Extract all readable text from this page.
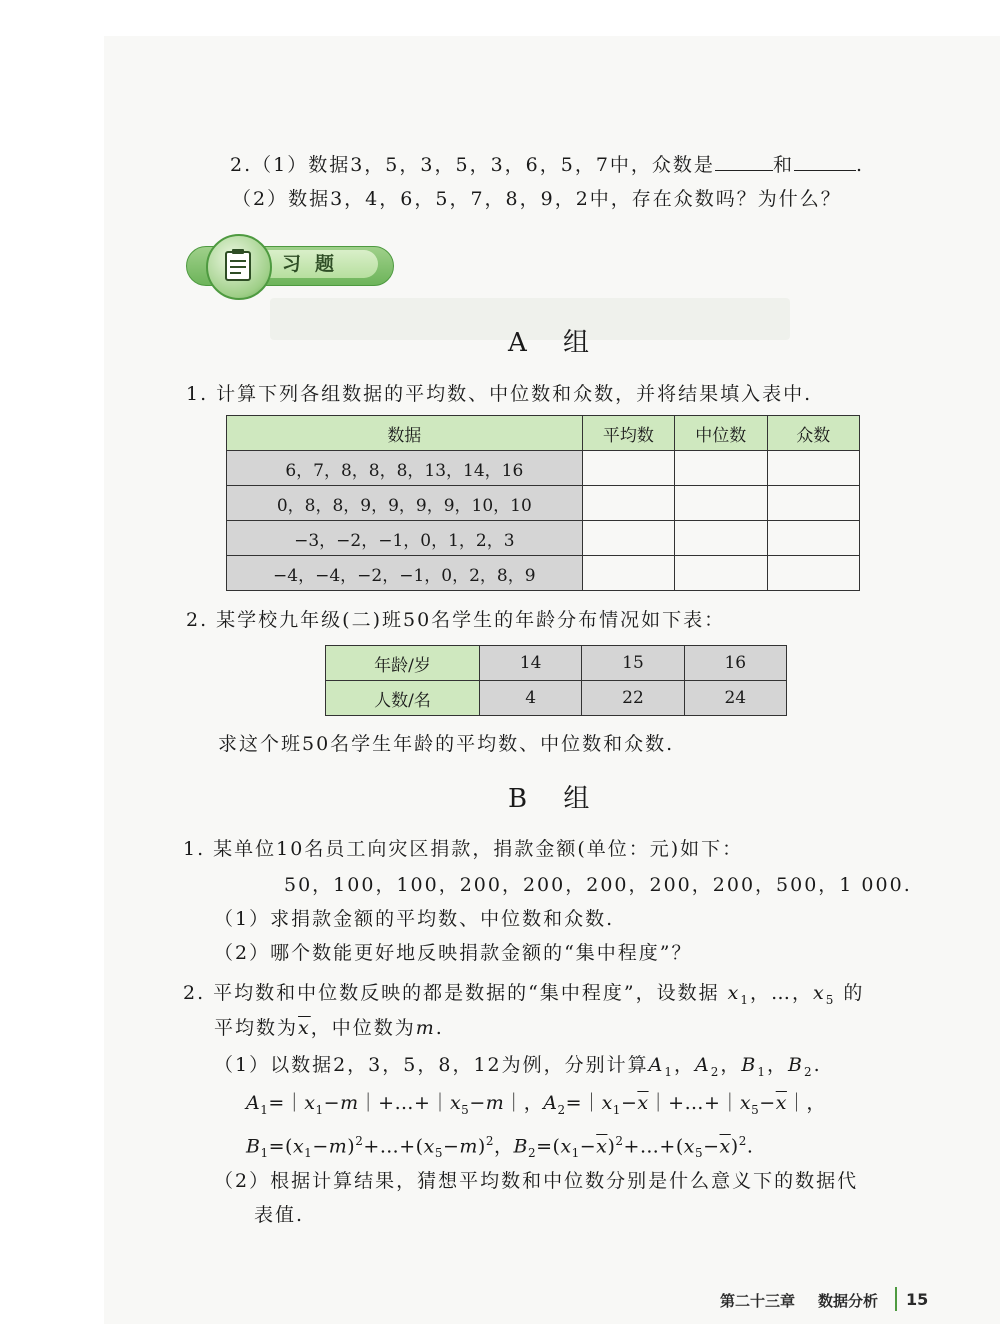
2.（1）数据3，5，3，5，3，6，5，7中，众数是	和	.
（2）数据3，4，6，5，7，8，9，2中，存在众数吗？为什么？
习题
A 组
1. 计算下列各组数据的平均数、中位数和众数，并将结果填入表中.
数据	平均数	中位数	众数
6，7，8，8，8，13，14，16			
0，8，8，9，9，9，9，10，10			
−3，−2，−1，0，1，2，3			
−4，−4，−2，−1，0，2，8，9			
2. 某学校九年级(二)班50名学生的年龄分布情况如下表：
年龄/岁	14	15	16
人数/名	4	22	24
求这个班50名学生年龄的平均数、中位数和众数.
B 组
1. 某单位10名员工向灾区捐款，捐款金额(单位：元)如下：
50，100，100，200，200，200，200，200，500，1 000.
（1）求捐款金额的平均数、中位数和众数.
（2）哪个数能更好地反映捐款金额的“集中程度”？
2. 平均数和中位数反映的都是数据的“集中程度”，设数据 $x_1$，…，$x_5$ 的
平均数为$\overline{x}$，中位数为m.
（1）以数据2，3，5，8，12为例，分别计算$A_1$，$A_2$，$B_1$，$B_2$.
$A_1=|x_1-m|+\dots+|x_5-m|$，$A_2=|x_1-\overline{x}|+\dots+|x_5-\overline{x}|$，
$B_1=(x_1-m)^2+\dots+(x_5-m)^2$，$B_2=(x_1-\overline{x})^2+\dots+(x_5-\overline{x})^2$.
（2）根据计算结果，猜想平均数和中位数分别是什么意义下的数据代
表值.
第二十三章 数据分析 15
